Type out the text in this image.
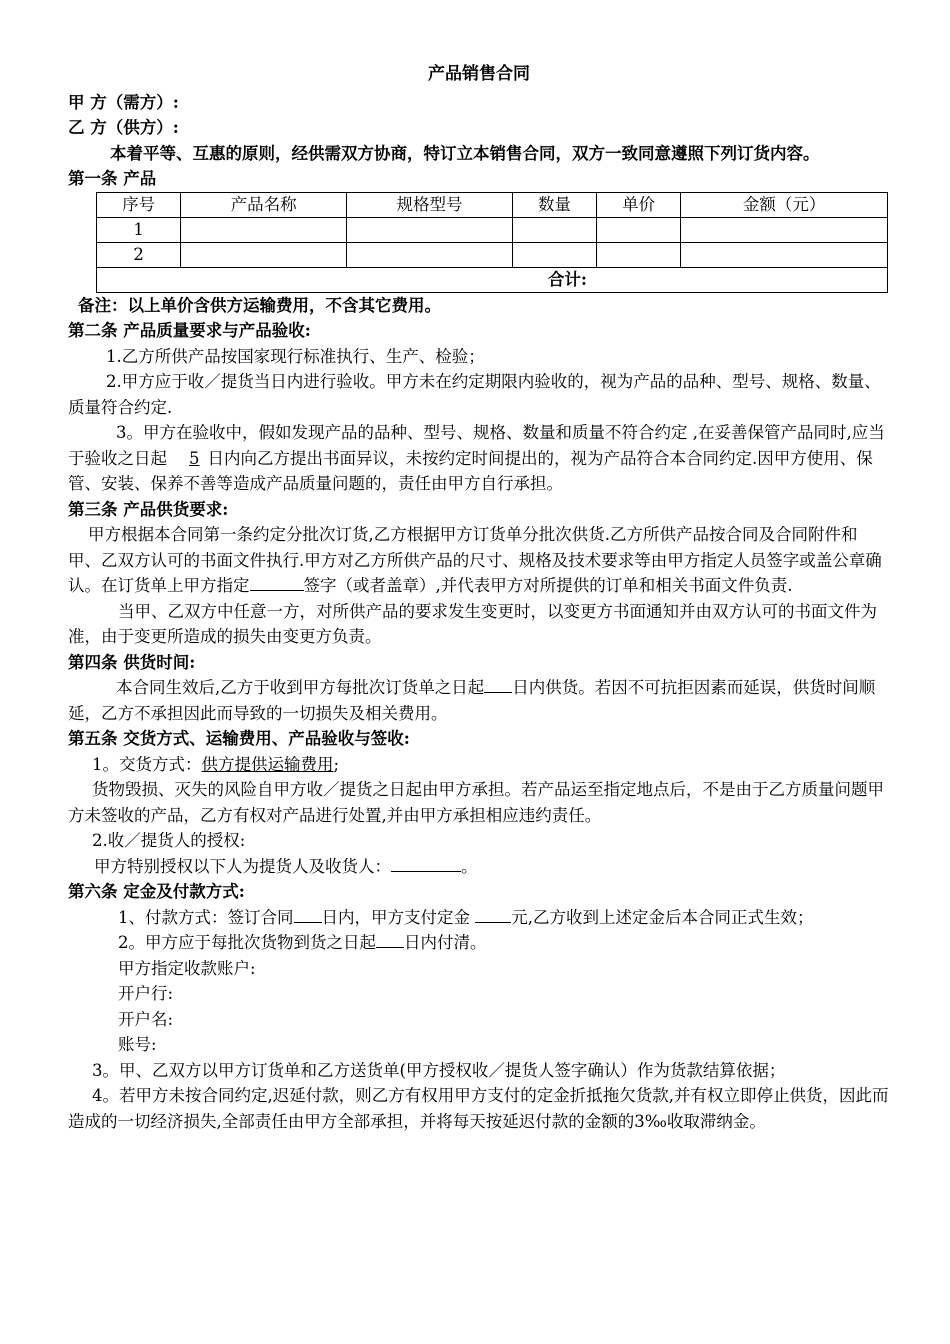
产品销售合同

甲 方（需方）:

乙 方（供方）:

本着平等、互惠的原则，经供需双方协商，特订立本销售合同，双方一致同意遵照下列订货内容。

第一条 产品

序号	产品名称	规格型号	数量	单价	金额（元）
1					
2					
合计:					

备注：以上单价含供方运输费用，不含其它费用。

第二条 产品质量要求与产品验收:

1.乙方所供产品按国家现行标准执行、生产、检验；

2.甲方应于收／提货当日内进行验收。甲方未在约定期限内验收的，视为产品的品种、型号、规格、数量、质量符合约定.

3。甲方在验收中，假如发现产品的品种、型号、规格、数量和质量不符合约定 ,在妥善保管产品同时,应当于验收之日起 5 日内向乙方提出书面异议，未按约定时间提出的，视为产品符合本合同约定.因甲方使用、保管、安装、保养不善等造成产品质量问题的，责任由甲方自行承担。

第三条 产品供货要求:

甲方根据本合同第一条约定分批次订货,乙方根据甲方订货单分批次供货.乙方所供产品按合同及合同附件和甲、乙双方认可的书面文件执行.甲方对乙方所供产品的尺寸、规格及技术要求等由甲方指定人员签字或盖公章确认。在订货单上甲方指定	签字（或者盖章）,并代表甲方对所提供的订单和相关书面文件负责.

当甲、乙双方中任意一方，对所供产品的要求发生变更时，以变更方书面通知并由双方认可的书面文件为准，由于变更所造成的损失由变更方负责。

第四条 供货时间:

本合同生效后,乙方于收到甲方每批次订货单之日起 日内供货。若因不可抗拒因素而延误，供货时间顺延，乙方不承担因此而导致的一切损失及相关费用。

第五条 交货方式、运输费用、产品验收与签收:

1。交货方式：供方提供运输费用;

货物毁损、灭失的风险自甲方收／提货之日起由甲方承担。若产品运至指定地点后，不是由于乙方质量问题甲方未签收的产品，乙方有权对产品进行处置,并由甲方承担相应违约责任。

2.收／提货人的授权:

甲方特别授权以下人为提货人及收货人：	。

第六条 定金及付款方式:

1、付款方式：签订合同 日内，甲方支付定金 元,乙方收到上述定金后本合同正式生效；

2。甲方应于每批次货物到货之日起 日内付清。

甲方指定收款账户:

开户行:

开户名:

账号:

3。甲、乙双方以甲方订货单和乙方送货单(甲方授权收／提货人签字确认）作为货款结算依据；

4。若甲方未按合同约定,迟延付款，则乙方有权用甲方支付的定金折抵拖欠货款,并有权立即停止供货，因此而造成的一切经济损失,全部责任由甲方全部承担，并将每天按延迟付款的金额的3‰收取滞纳金。
